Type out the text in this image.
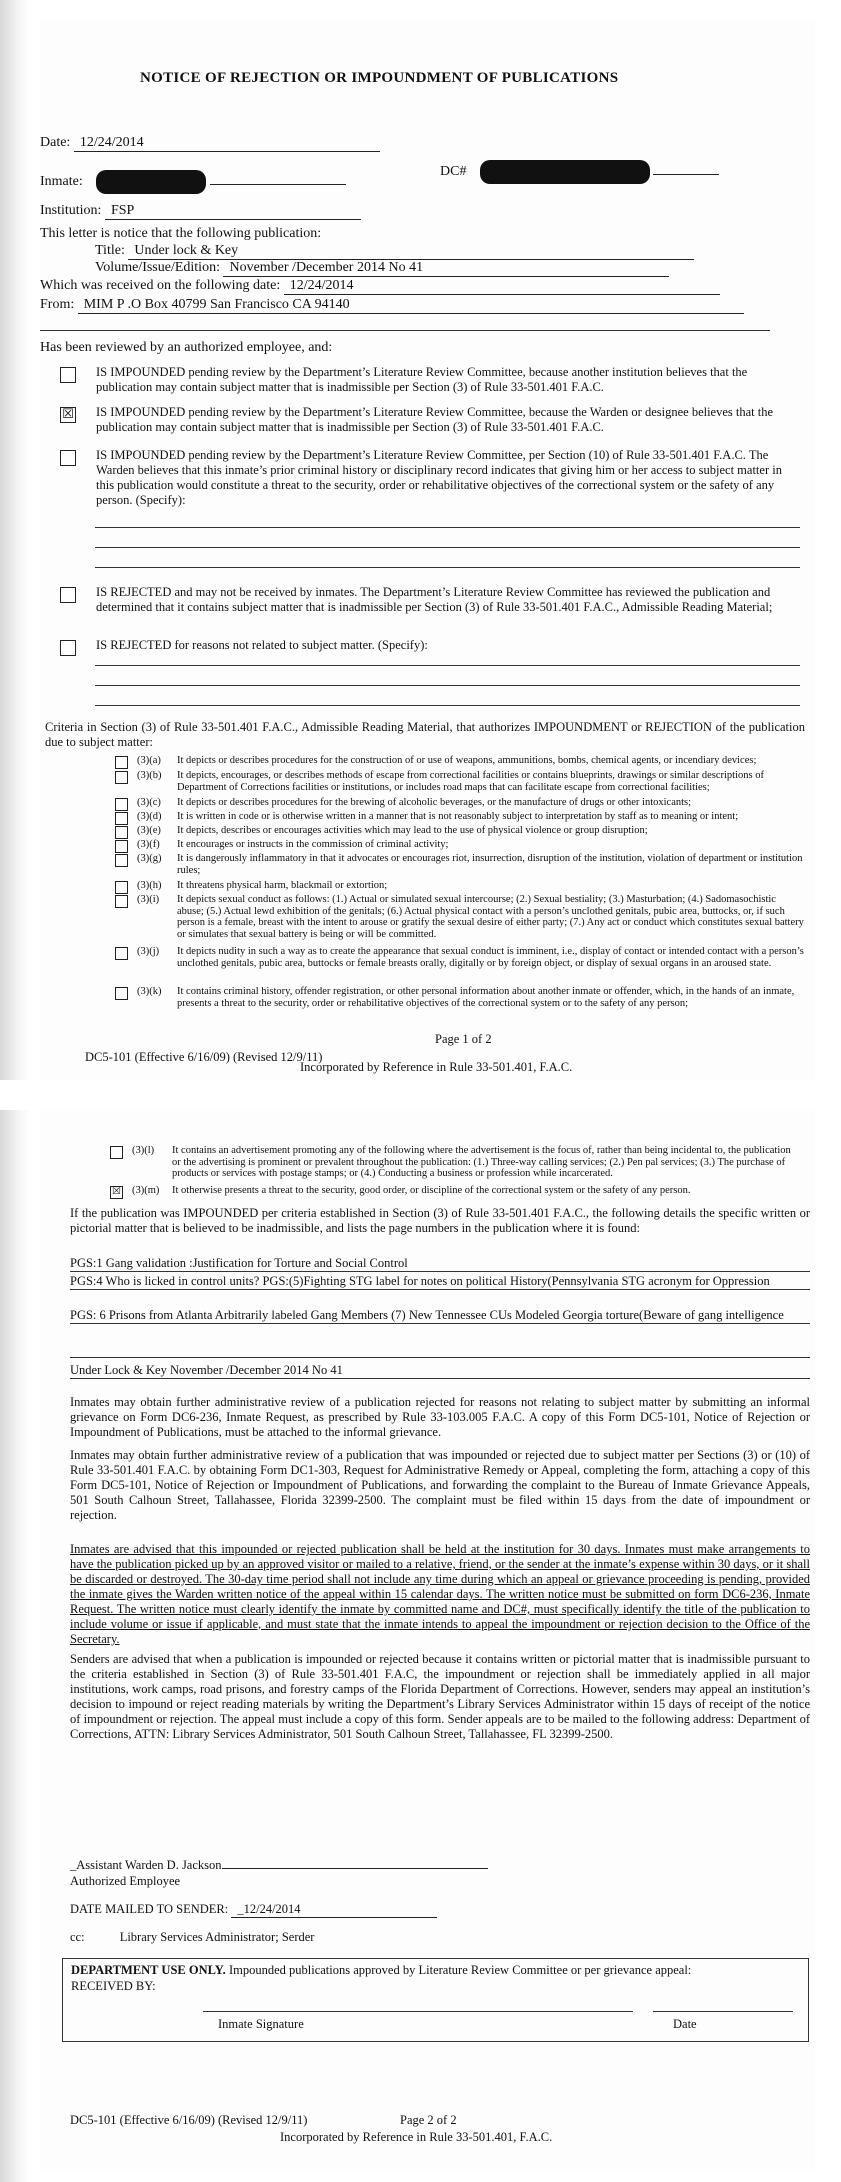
NOTICE OF REJECTION OR IMPOUNDMENT OF PUBLICATIONS
Date: 12/24/2014
DC#
Inmate:
Institution: FSP
This letter is notice that the following publication:
Title: Under lock & Key
Volume/Issue/Edition: November /December 2014 No 41
Which was received on the following date: 12/24/2014
From: MIM P .O Box 40799 San Francisco CA 94140
Has been reviewed by an authorized employee, and:
IS IMPOUNDED pending review by the Department’s Literature Review Committee, because another institution believes that the publication may contain subject matter that is inadmissible per Section (3) of Rule 33-501.401 F.A.C.
☒ IS IMPOUNDED pending review by the Department’s Literature Review Committee, because the Warden or designee believes that the publication may contain subject matter that is inadmissible per Section (3) of Rule 33-501.401 F.A.C.
IS IMPOUNDED pending review by the Department’s Literature Review Committee, per Section (10) of Rule 33-501.401 F.A.C. The Warden believes that this inmate’s prior criminal history or disciplinary record indicates that giving him or her access to subject matter in this publication would constitute a threat to the security, order or rehabilitative objectives of the correctional system or the safety of any person. (Specify):
IS REJECTED and may not be received by inmates. The Department’s Literature Review Committee has reviewed the publication and determined that it contains subject matter that is inadmissible per Section (3) of Rule 33-501.401 F.A.C., Admissible Reading Material;
IS REJECTED for reasons not related to subject matter. (Specify):
Criteria in Section (3) of Rule 33-501.401 F.A.C., Admissible Reading Material, that authorizes IMPOUNDMENT or REJECTION of the publication due to subject matter:
(3)(a) It depicts or describes procedures for the construction of or use of weapons, ammunitions, bombs, chemical agents, or incendiary devices;
(3)(b) It depicts, encourages, or describes methods of escape from correctional facilities or contains blueprints, drawings or similar descriptions of Department of Corrections facilities or institutions, or includes road maps that can facilitate escape from correctional facilities;
(3)(c) It depicts or describes procedures for the brewing of alcoholic beverages, or the manufacture of drugs or other intoxicants;
(3)(d) It is written in code or is otherwise written in a manner that is not reasonably subject to interpretation by staff as to meaning or intent;
(3)(e) It depicts, describes or encourages activities which may lead to the use of physical violence or group disruption;
(3)(f) It encourages or instructs in the commission of criminal activity;
(3)(g) It is dangerously inflammatory in that it advocates or encourages riot, insurrection, disruption of the institution, violation of department or institution rules;
(3)(h) It threatens physical harm, blackmail or extortion;
(3)(i) It depicts sexual conduct as follows: (1.) Actual or simulated sexual intercourse; (2.) Sexual bestiality; (3.) Masturbation; (4.) Sadomasochistic abuse; (5.) Actual lewd exhibition of the genitals; (6.) Actual physical contact with a person’s unclothed genitals, pubic area, buttocks, or, if such person is a female, breast with the intent to arouse or gratify the sexual desire of either party; (7.) Any act or conduct which constitutes sexual battery or simulates that sexual battery is being or will be committed.
(3)(j) It depicts nudity in such a way as to create the appearance that sexual conduct is imminent, i.e., display of contact or intended contact with a person’s unclothed genitals, pubic area, buttocks or female breasts orally, digitally or by foreign object, or display of sexual organs in an aroused state.
(3)(k) It contains criminal history, offender registration, or other personal information about another inmate or offender, which, in the hands of an inmate, presents a threat to the security, order or rehabilitative objectives of the correctional system or to the safety of any person;
Page 1 of 2
DC5-101 (Effective 6/16/09) (Revised 12/9/11)
Incorporated by Reference in Rule 33-501.401, F.A.C.
(3)(l) It contains an advertisement promoting any of the following where the advertisement is the focus of, rather than being incidental to, the publication or the advertising is prominent or prevalent throughout the publication: (1.) Three-way calling services; (2.) Pen pal services; (3.) The purchase of products or services with postage stamps; or (4.) Conducting a business or profession while incarcerated.
☒ (3)(m) It otherwise presents a threat to the security, good order, or discipline of the correctional system or the safety of any person.
If the publication was IMPOUNDED per criteria established in Section (3) of Rule 33-501.401 F.A.C., the following details the specific written or pictorial matter that is believed to be inadmissible, and lists the page numbers in the publication where it is found:
PGS:1 Gang validation :Justification for Torture and Social Control
PGS:4 Who is licked in control units? PGS:(5)Fighting STG label for notes on political History(Pennsylvania STG acronym for Oppression
PGS: 6 Prisons from Atlanta Arbitrarily labeled Gang Members (7) New Tennessee CUs Modeled Georgia torture(Beware of gang intelligence
Under Lock & Key November /December 2014 No 41
Inmates may obtain further administrative review of a publication rejected for reasons not relating to subject matter by submitting an informal grievance on Form DC6-236, Inmate Request, as prescribed by Rule 33-103.005 F.A.C. A copy of this Form DC5-101, Notice of Rejection or Impoundment of Publications, must be attached to the informal grievance.
Inmates may obtain further administrative review of a publication that was impounded or rejected due to subject matter per Sections (3) or (10) of Rule 33-501.401 F.A.C. by obtaining Form DC1-303, Request for Administrative Remedy or Appeal, completing the form, attaching a copy of this Form DC5-101, Notice of Rejection or Impoundment of Publications, and forwarding the complaint to the Bureau of Inmate Grievance Appeals, 501 South Calhoun Street, Tallahassee, Florida 32399-2500. The complaint must be filed within 15 days from the date of impoundment or rejection.
Inmates are advised that this impounded or rejected publication shall be held at the institution for 30 days. Inmates must make arrangements to have the publication picked up by an approved visitor or mailed to a relative, friend, or the sender at the inmate’s expense within 30 days, or it shall be discarded or destroyed. The 30-day time period shall not include any time during which an appeal or grievance proceeding is pending, provided the inmate gives the Warden written notice of the appeal within 15 calendar days. The written notice must be submitted on form DC6-236, Inmate Request. The written notice must clearly identify the inmate by committed name and DC#, must specifically identify the title of the publication to include volume or issue if applicable, and must state that the inmate intends to appeal the impoundment or rejection decision to the Office of the Secretary.
Senders are advised that when a publication is impounded or rejected because it contains written or pictorial matter that is inadmissible pursuant to the criteria established in Section (3) of Rule 33-501.401 F.A.C, the impoundment or rejection shall be immediately applied in all major institutions, work camps, road prisons, and forestry camps of the Florida Department of Corrections. However, senders may appeal an institution’s decision to impound or reject reading materials by writing the Department’s Library Services Administrator within 15 days of receipt of the notice of impoundment or rejection. The appeal must include a copy of this form. Sender appeals are to be mailed to the following address: Department of Corrections, ATTN: Library Services Administrator, 501 South Calhoun Street, Tallahassee, FL 32399-2500.
_Assistant Warden D. Jackson
Authorized Employee
DATE MAILED TO SENDER: _12/24/2014
cc:	Library Services Administrator; Serder
DEPARTMENT USE ONLY. Impounded publications approved by Literature Review Committee or per grievance appeal:
RECEIVED BY:
Inmate Signature	Date
DC5-101 (Effective 6/16/09) (Revised 12/9/11)	Page 2 of 2
Incorporated by Reference in Rule 33-501.401, F.A.C.
